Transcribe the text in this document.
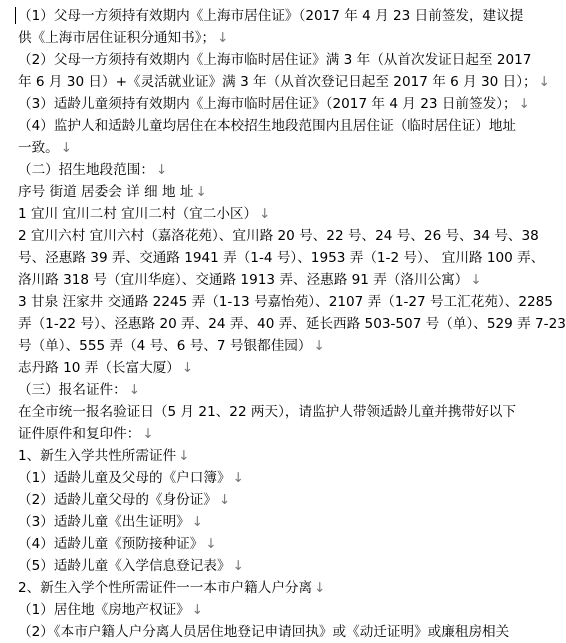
（1）父母一方须持有效期内《上海市居住证》（2017 年 4 月 23 日前签发，建议提
供《上海市居住证积分通知书》； ↓
（2）父母一方须持有效期内《上海市临时居住证》满 3 年（从首次发证日起至 2017
年 6 月 30 日）+《灵活就业证》满 3 年（从首次登记日起至 2017 年 6 月 30 日）； ↓
（3）适龄儿童须持有效期内《上海市临时居住证》（2017 年 4 月 23 日前签发）； ↓
（4）监护人和适龄儿童均居住在本校招生地段范围内且居住证（临时居住证）地址
一致。 ↓
（二）招生地段范围： ↓
序号 街道 居委会 详 细 地 址 ↓
1 宜川 宜川二村 宜川二村（宜二小区） ↓
2 宜川六村 宜川六村（嘉洛花苑）、宜川路 20 号、22 号、24 号、26 号、34 号、38
号、泾惠路 39 弄、交通路 1941 弄（1-4 号）、1953 弄（1-2 号）、 宜川路 100 弄、
洛川路 318 号（宜川华庭）、交通路 1913 弄、泾惠路 91 弄（洛川公寓） ↓
3 甘泉 汪家井 交通路 2245 弄（1-13 号嘉怡苑）、2107 弄（1-27 号工汇花苑）、2285
弄（1-22 号）、泾惠路 20 弄、24 弄、40 弄、延长西路 503-507 号（单）、529 弄 7-23
号（单）、555 弄（4 号、6 号、7 号银都佳园） ↓
志丹路 10 弄（长富大厦） ↓
（三）报名证件： ↓
在全市统一报名验证日（5 月 21、22 两天），请监护人带领适龄儿童并携带好以下
证件原件和复印件： ↓
1、新生入学共性所需证件 ↓
（1）适龄儿童及父母的《户口簿》 ↓
（2）适龄儿童父母的《身份证》 ↓
（3）适龄儿童《出生证明》 ↓
（4）适龄儿童《预防接种证》 ↓
（5）适龄儿童《入学信息登记表》 ↓
2、新生入学个性所需证件一一本市户籍人户分离 ↓
（1）居住地《房地产权证》 ↓
（2）《本市户籍人户分离人员居住地登记申请回执》或《动迁证明》或廉租房相关
